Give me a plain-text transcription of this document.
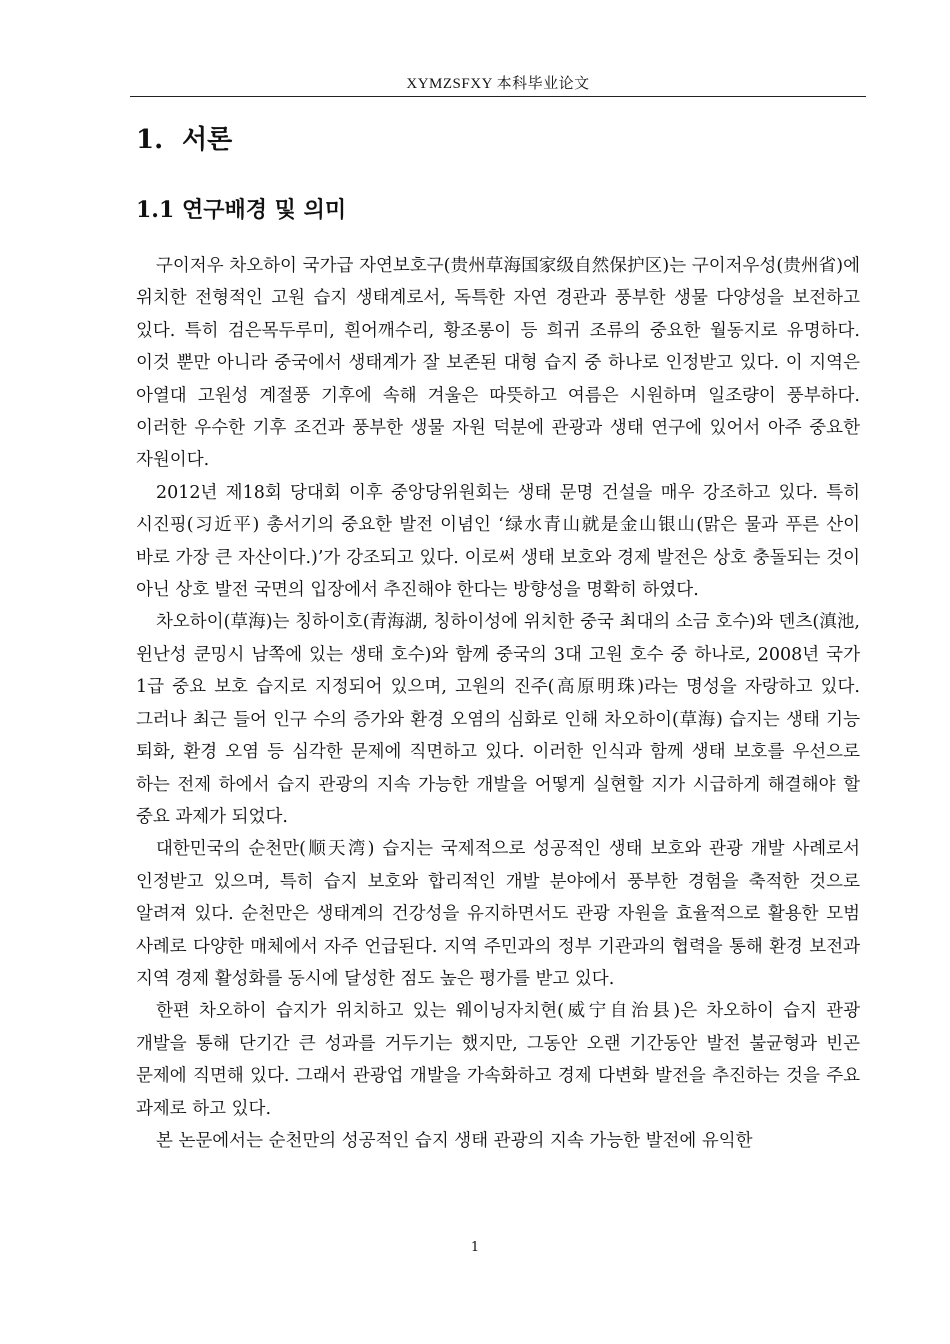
XYMZSFXY 本科毕业论文
1. 서론
1.1 연구배경 및 의미

구이저우 차오하이 국가급 자연보호구(贵州草海国家级自然保护区)는 구이저우성(贵州省)에 위치한 전형적인 고원 습지 생태계로서, 독특한 자연 경관과 풍부한 생물 다양성을 보전하고 있다. 특히 검은목두루미, 흰어깨수리, 황조롱이 등 희귀 조류의 중요한 월동지로 유명하다. 이것 뿐만 아니라 중국에서 생태계가 잘 보존된 대형 습지 중 하나로 인정받고 있다. 이 지역은 아열대 고원성 계절풍 기후에 속해 겨울은 따뜻하고 여름은 시원하며 일조량이 풍부하다. 이러한 우수한 기후 조건과 풍부한 생물 자원 덕분에 관광과 생태 연구에 있어서 아주 중요한 자원이다.

2012년 제18회 당대회 이후 중앙당위원회는 생태 문명 건설을 매우 강조하고 있다. 특히 시진핑(习近平) 총서기의 중요한 발전 이념인 ‘绿水青山就是金山银山(맑은 물과 푸른 산이 바로 가장 큰 자산이다.)’가 강조되고 있다. 이로써 생태 보호와 경제 발전은 상호 충돌되는 것이 아닌 상호 발전 국면의 입장에서 추진해야 한다는 방향성을 명확히 하였다.

차오하이(草海)는 칭하이호(青海湖, 칭하이성에 위치한 중국 최대의 소금 호수)와 덴츠(滇池, 윈난성 쿤밍시 남쪽에 있는 생태 호수)와 함께 중국의 3대 고원 호수 중 하나로, 2008년 국가 1급 중요 보호 습지로 지정되어 있으며, 고원의 진주(高原明珠)라는 명성을 자랑하고 있다. 그러나 최근 들어 인구 수의 증가와 환경 오염의 심화로 인해 차오하이(草海) 습지는 생태 기능 퇴화, 환경 오염 등 심각한 문제에 직면하고 있다. 이러한 인식과 함께 생태 보호를 우선으로 하는 전제 하에서 습지 관광의 지속 가능한 개발을 어떻게 실현할 지가 시급하게 해결해야 할 중요 과제가 되었다.

대한민국의 순천만(顺天湾) 습지는 국제적으로 성공적인 생태 보호와 관광 개발 사례로서 인정받고 있으며, 특히 습지 보호와 합리적인 개발 분야에서 풍부한 경험을 축적한 것으로 알려져 있다. 순천만은 생태계의 건강성을 유지하면서도 관광 자원을 효율적으로 활용한 모범 사례로 다양한 매체에서 자주 언급된다. 지역 주민과의 정부 기관과의 협력을 통해 환경 보전과 지역 경제 활성화를 동시에 달성한 점도 높은 평가를 받고 있다.

한편 차오하이 습지가 위치하고 있는 웨이닝자치현(威宁自治县)은 차오하이 습지 관광 개발을 통해 단기간 큰 성과를 거두기는 했지만, 그동안 오랜 기간동안 발전 불균형과 빈곤 문제에 직면해 있다. 그래서 관광업 개발을 가속화하고 경제 다변화 발전을 추진하는 것을 주요 과제로 하고 있다.

본 논문에서는 순천만의 성공적인 습지 생태 관광의 지속 가능한 발전에 유익한

1
